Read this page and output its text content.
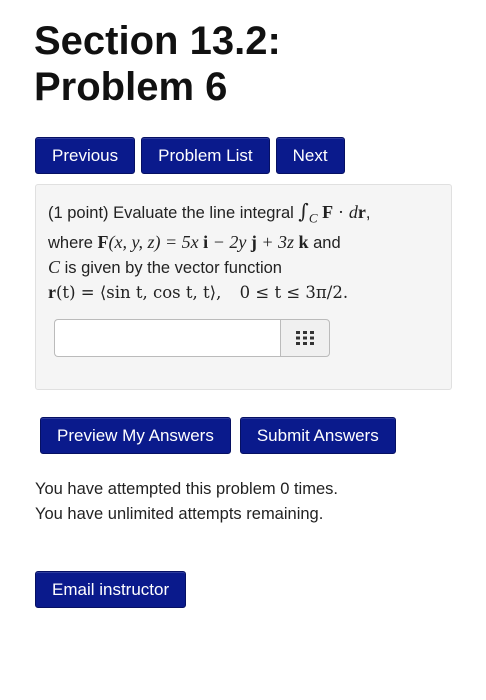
Section 13.2:
Problem 6
Previous	Problem List	Next

(1 point) Evaluate the line integral $\int_C$ F · dr,
where F(x, y, z) = 5x i − 2y j + 3z k and
C is given by the vector function
r(t) = ⟨sin t, cos t, t⟩, 0 ≤ t ≤ 3π/2.

Preview My Answers	Submit Answers
You have attempted this problem 0 times.
You have unlimited attempts remaining.
Email instructor
